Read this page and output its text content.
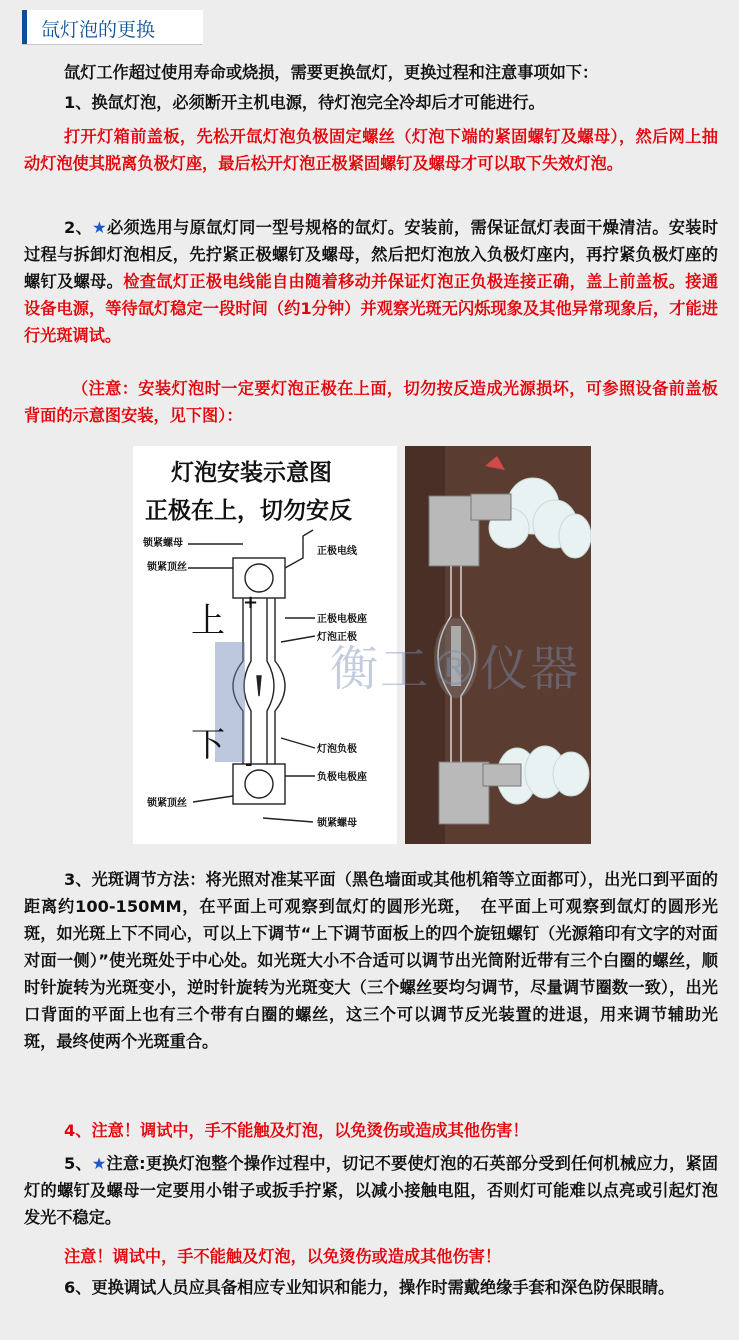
氙灯泡的更换

氙灯工作超过使用寿命或烧损，需要更换氙灯，更换过程和注意事项如下：

1、换氙灯泡，必须断开主机电源，待灯泡完全冷却后才可能进行。

打开灯箱前盖板，先松开氙灯泡负极固定螺丝（灯泡下端的紧固螺钉及螺母），然后网上抽动灯泡使其脱离负极灯座，最后松开灯泡正极紧固螺钉及螺母才可以取下失效灯泡。

2、★必须选用与原氙灯同一型号规格的氙灯。安装前，需保证氙灯表面干燥清洁。安装时过程与拆卸灯泡相反，先拧紧正极螺钉及螺母，然后把灯泡放入负极灯座内，再拧紧负极灯座的螺钉及螺母。检查氙灯正极电线能自由随着移动并保证灯泡正负极连接正确，盖上前盖板。接通设备电源，等待氙灯稳定一段时间（约1分钟）并观察光斑无闪烁现象及其他异常现象后，才能进行光斑调试。

（注意：安装灯泡时一定要灯泡正极在上面，切勿按反造成光源损坏，可参照设备前盖板背面的示意图安装，见下图）：

灯泡安装示意图
正极在上，切勿安反
+
-
上
下
锁紧螺母
锁紧顶丝
正极电线
正极电极座
灯泡正极
灯泡负极
负极电极座
锁紧顶丝
锁紧螺母
衡工®仪器

3、光斑调节方法：将光照对准某平面（黑色墙面或其他机箱等立面都可），出光口到平面的距离约100-150MM，在平面上可观察到氙灯的圆形光斑，　在平面上可观察到氙灯的圆形光斑，如光斑上下不同心，可以上下调节“上下调节面板上的四个旋钮螺钉（光源箱印有文字的对面对面一侧）”使光斑处于中心处。如光斑大小不合适可以调节出光筒附近带有三个白圈的螺丝，顺时针旋转为光斑变小，逆时针旋转为光斑变大（三个螺丝要均匀调节，尽量调节圈数一致），出光口背面的平面上也有三个带有白圈的螺丝，这三个可以调节反光装置的进退，用来调节辅助光斑，最终使两个光斑重合。

4、注意！调试中，手不能触及灯泡，以免烫伤或造成其他伤害！

5、★注意:更换灯泡整个操作过程中，切记不要使灯泡的石英部分受到任何机械应力，紧固灯的螺钉及螺母一定要用小钳子或扳手拧紧，以减小接触电阻，否则灯可能难以点亮或引起灯泡发光不稳定。

注意！调试中，手不能触及灯泡，以免烫伤或造成其他伤害！

6、更换调试人员应具备相应专业知识和能力，操作时需戴绝缘手套和深色防保眼睛。
